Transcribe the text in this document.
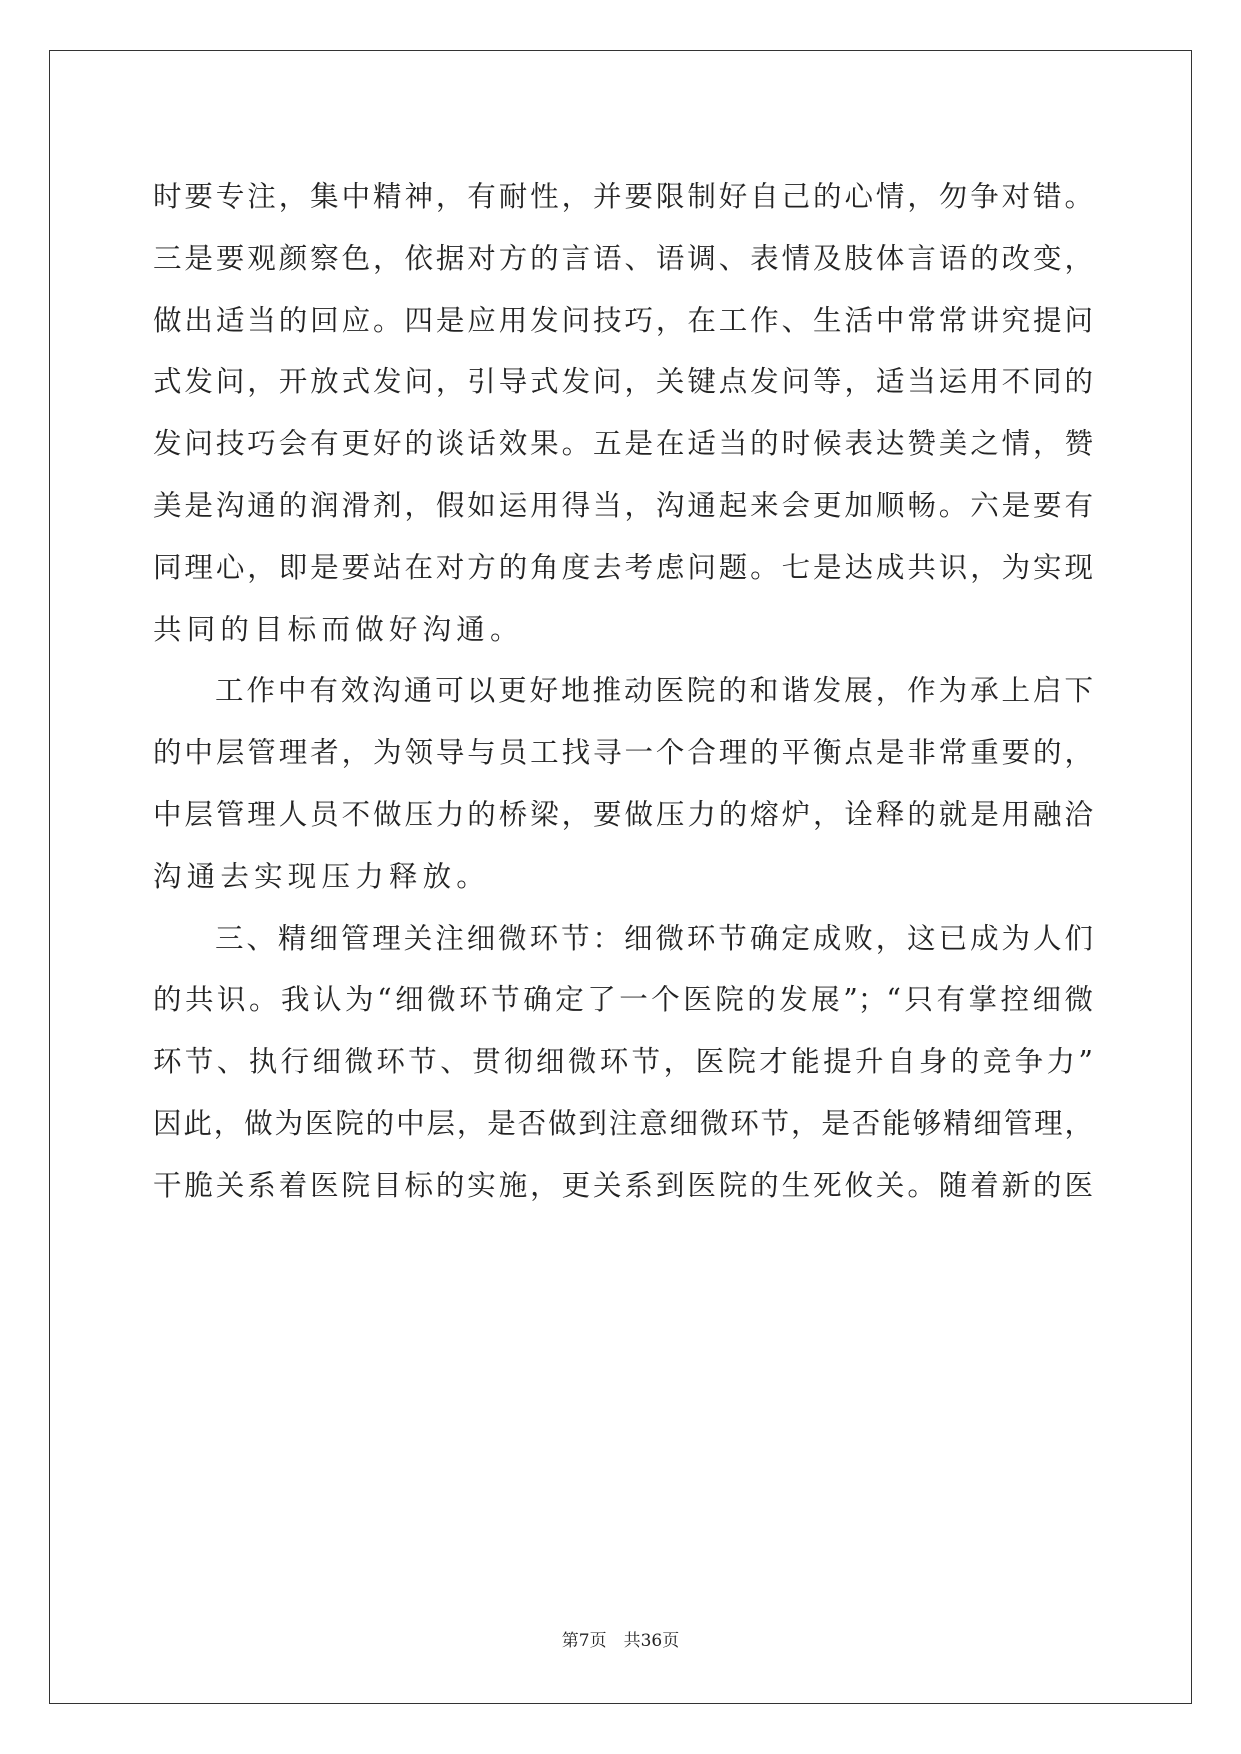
时要专注，集中精神，有耐性，并要限制好自己的心情，勿争对错。
三是要观颜察色，依据对方的言语、语调、表情及肢体言语的改变，
做出适当的回应。四是应用发问技巧，在工作、生活中常常讲究提问
式发问，开放式发问，引导式发问，关键点发问等，适当运用不同的
发问技巧会有更好的谈话效果。五是在适当的时候表达赞美之情，赞
美是沟通的润滑剂，假如运用得当，沟通起来会更加顺畅。六是要有
同理心，即是要站在对方的角度去考虑问题。七是达成共识，为实现
共同的目标而做好沟通。
工作中有效沟通可以更好地推动医院的和谐发展，作为承上启下
的中层管理者，为领导与员工找寻一个合理的平衡点是非常重要的，
中层管理人员不做压力的桥梁，要做压力的熔炉，诠释的就是用融洽
沟通去实现压力释放。
三、精细管理关注细微环节：细微环节确定成败，这已成为人们
的共识。我认为“细微环节确定了一个医院的发展”；“只有掌控细微
环节、执行细微环节、贯彻细微环节，医院才能提升自身的竞争力”
因此，做为医院的中层，是否做到注意细微环节，是否能够精细管理，
干脆关系着医院目标的实施，更关系到医院的生死攸关。随着新的医
第7页　共36页
